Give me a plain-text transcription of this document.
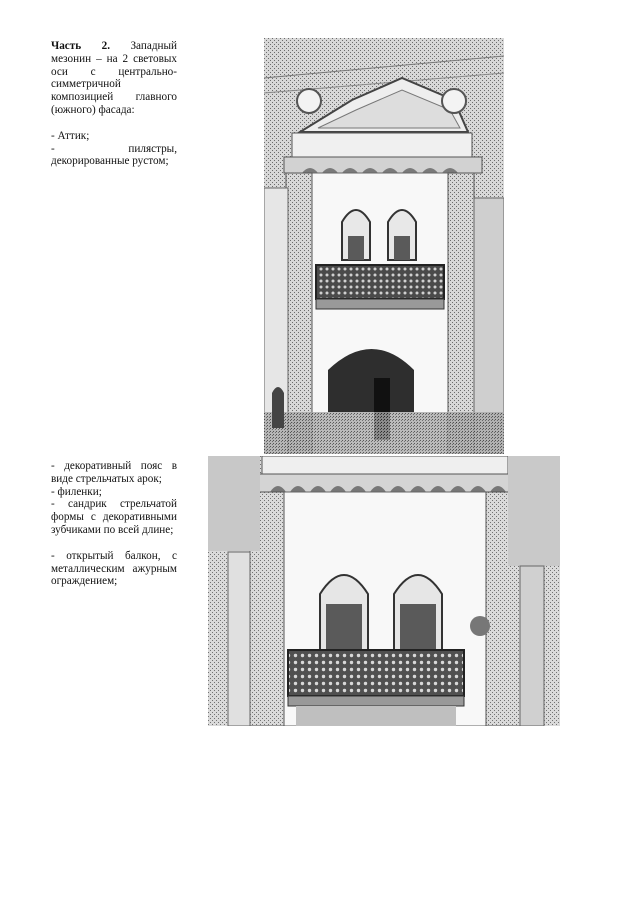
Часть 2. Западный мезонин – на 2 световых оси с центрально-симметричной композицией главного (южного) фасада:

- Аттик;

- пилястры, декорированные рустом;

- декоративный пояс в виде стрельчатых арок;

- филенки;

- сандрик стрельчатой формы с декоративными зубчиками по всей длине;

- открытый балкон, с металлическим ажурным ограждением;
